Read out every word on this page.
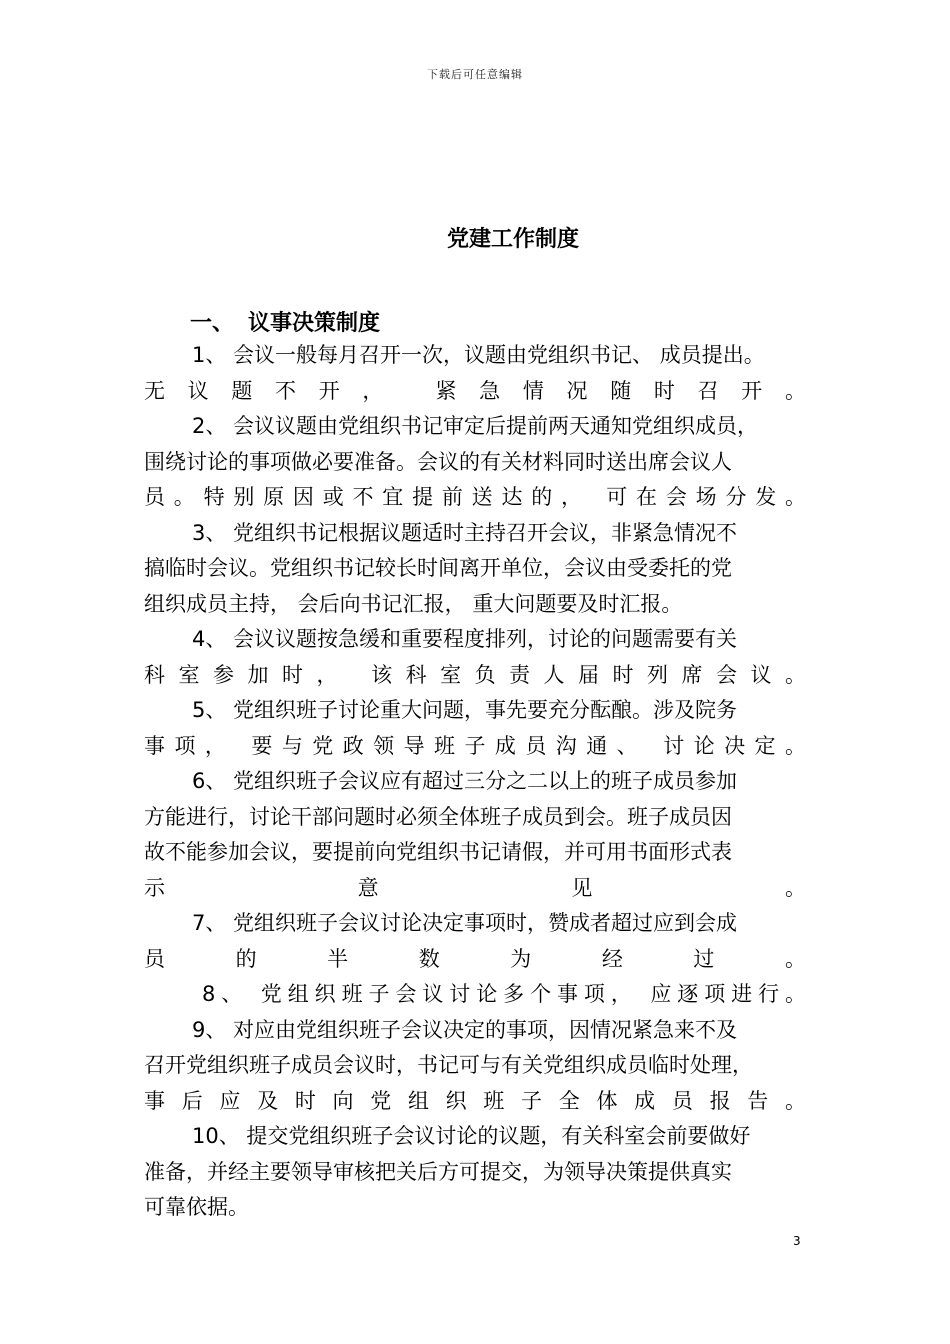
下载后可任意编辑
党建工作制度
一、 议事决策制度
1、 会议一般每月召开一次，议题由党组织书记、 成员提出。
无议题不开， 紧急情况随时召开。
2、 会议议题由党组织书记审定后提前两天通知党组织成员，
围绕讨论的事项做必要准备。会议的有关材料同时送出席会议人
员。特别原因或不宜提前送达的， 可在会场分发。
3、 党组织书记根据议题适时主持召开会议，非紧急情况不
搞临时会议。党组织书记较长时间离开单位，会议由受委托的党
组织成员主持， 会后向书记汇报， 重大问题要及时汇报。
4、 会议议题按急缓和重要程度排列，讨论的问题需要有关
科室参加时， 该科室负责人届时列席会议。
5、 党组织班子讨论重大问题，事先要充分酝酿。涉及院务
事项， 要与党政领导班子成员沟通、 讨论决定。
6、 党组织班子会议应有超过三分之二以上的班子成员参加
方能进行，讨论干部问题时必须全体班子成员到会。班子成员因
故不能参加会议，要提前向党组织书记请假，并可用书面形式表
示意见。
7、 党组织班子会议讨论决定事项时，赞成者超过应到会成
员的半数为经过。
8、 党组织班子会议讨论多个事项， 应逐项进行。
9、 对应由党组织班子会议决定的事项，因情况紧急来不及
召开党组织班子成员会议时，书记可与有关党组织成员临时处理，
事后应及时向党组织班子全体成员报告。
10、 提交党组织班子会议讨论的议题，有关科室会前要做好
准备，并经主要领导审核把关后方可提交，为领导决策提供真实
可靠依据。
3
